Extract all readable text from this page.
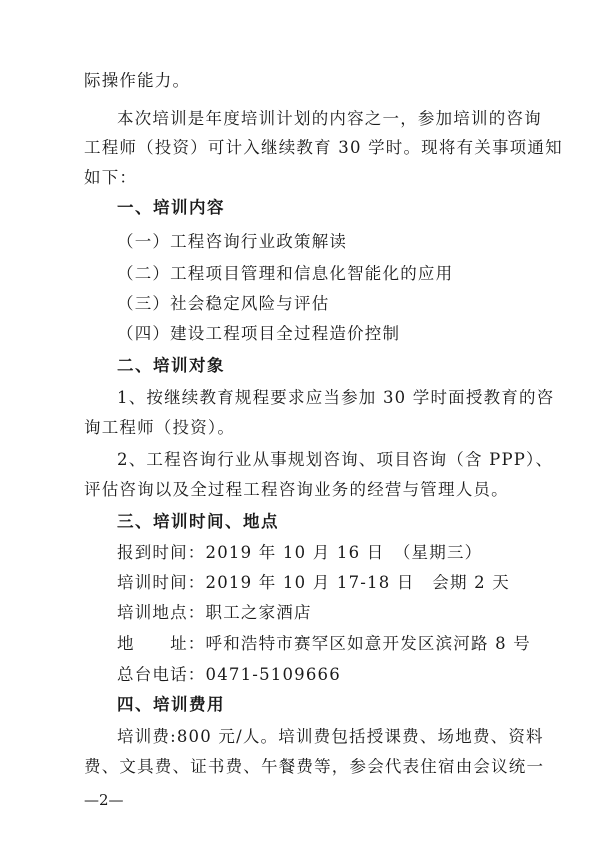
际操作能力。
本次培训是年度培训计划的内容之一，参加培训的咨询
工程师（投资）可计入继续教育 30 学时。现将有关事项通知
如下：
一、培训内容
（一）工程咨询行业政策解读
（二）工程项目管理和信息化智能化的应用
（三）社会稳定风险与评估
（四）建设工程项目全过程造价控制
二、培训对象
1、按继续教育规程要求应当参加 30 学时面授教育的咨
询工程师（投资）。
2、工程咨询行业从事规划咨询、项目咨询（含 PPP）、
评估咨询以及全过程工程咨询业务的经营与管理人员。
三、培训时间、地点
报到时间：2019 年 10 月 16 日　（星期三）
培训时间：2019 年 10 月 17-18 日　会期 2 天
培训地点：职工之家酒店
地　　址：呼和浩特市赛罕区如意开发区滨河路 8 号
总台电话：0471-5109666
四、培训费用
培训费:800 元/人。培训费包括授课费、场地费、资料
费、文具费、证书费、午餐费等，参会代表住宿由会议统一
—2—
